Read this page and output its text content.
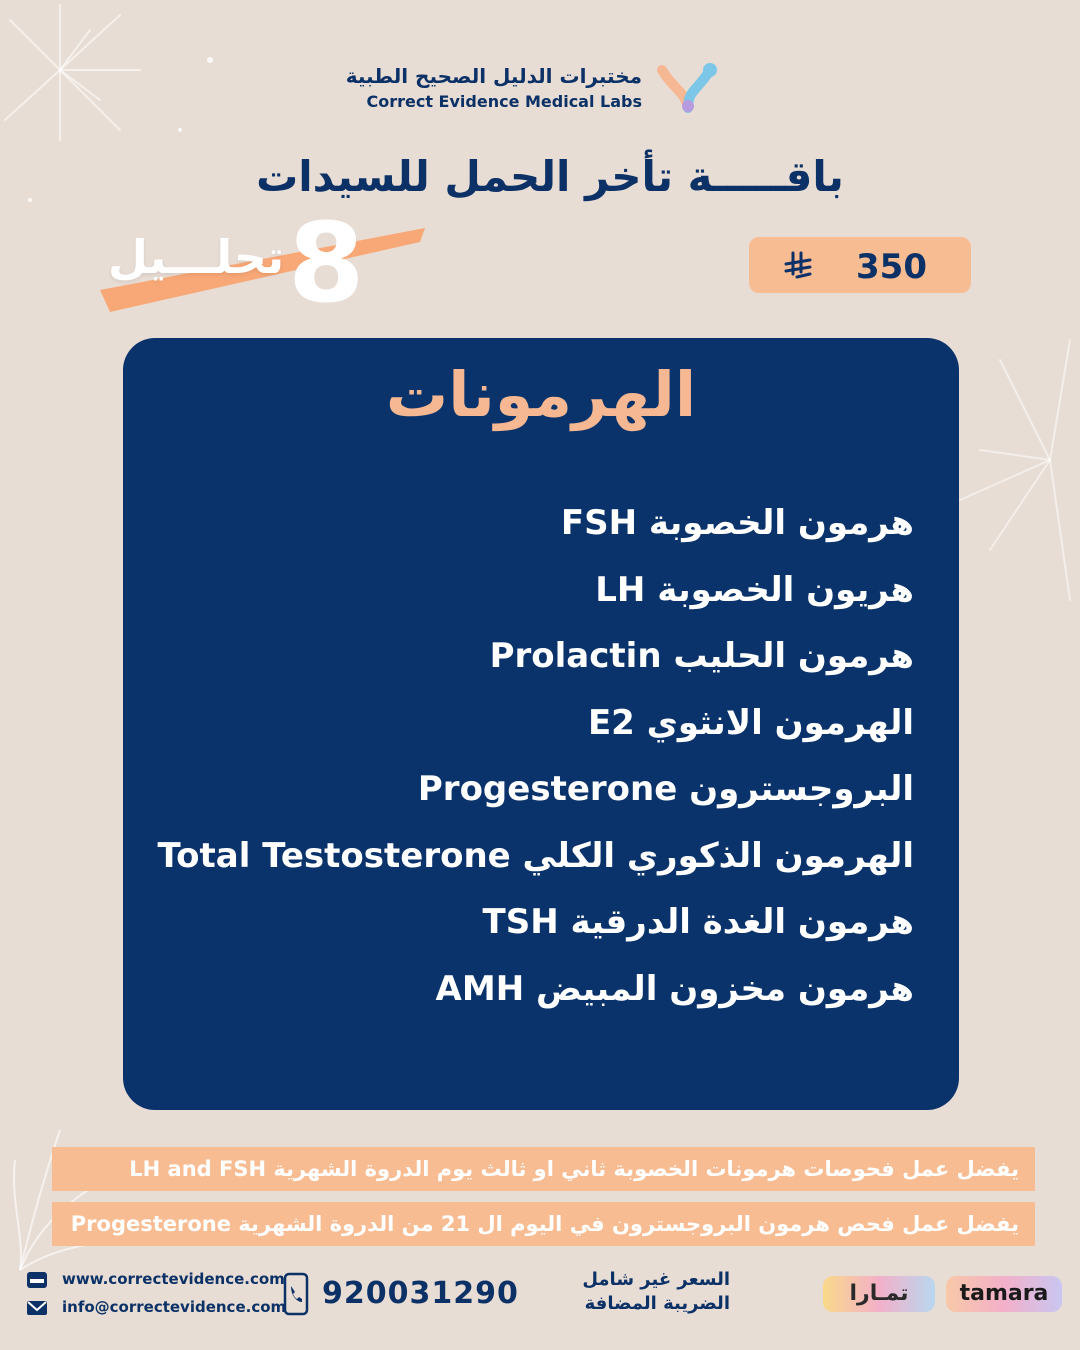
مختبرات الدليل الصحيح الطبية
Correct Evidence Medical Labs
باقـــــة تأخر الحمل للسيدات
تحلـــيل 8	350
الهرمونات
هرمون الخصوبة FSH
هريون الخصوبة LH
هرمون الحليب Prolactin
الهرمون الانثوي E2
البروجسترون Progesterone
الهرمون الذكوري الكلي Total Testosterone
هرمون الغدة الدرقية TSH
هرمون مخزون المبيض AMH
يفضل عمل فحوصات هرمونات الخصوبة ثاني او ثالث يوم الدروة الشهرية LH and FSH
يفضل عمل فحص هرمون البروجسترون في اليوم ال 21 من الدروة الشهرية Progesterone
www.correctevidence.com
info@correctevidence.com 920031290	السعر غير شامل
الضريبة المضافة	تمـارا	tamara
